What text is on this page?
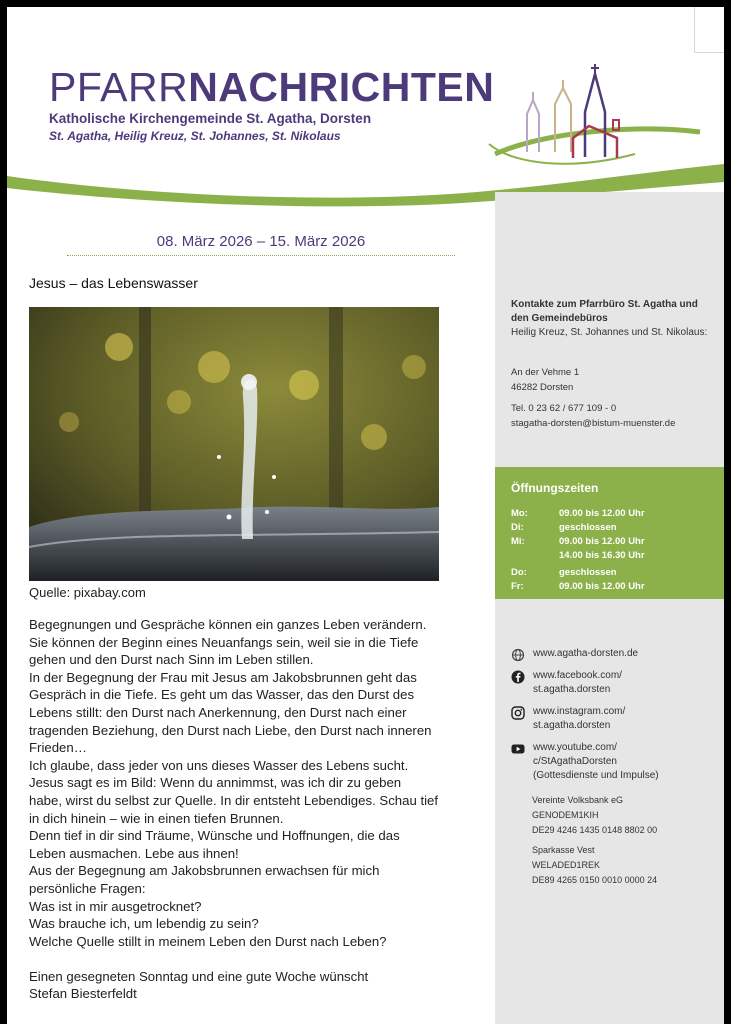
PFARRNACHRICHTEN
Katholische Kirchengemeinde St. Agatha, Dorsten
St. Agatha, Heilig Kreuz, St. Johannes, St. Nikolaus
08. März 2026 – 15. März 2026
Jesus – das Lebenswasser
Quelle: pixabay.com

Begegnungen und Gespräche können ein ganzes Leben verändern.

Sie können der Beginn eines Neuanfangs sein, weil sie in die Tiefe

gehen und den Durst nach Sinn im Leben stillen.

In der Begegnung der Frau mit Jesus am Jakobsbrunnen geht das

Gespräch in die Tiefe. Es geht um das Wasser, das den Durst des

Lebens stillt: den Durst nach Anerkennung, den Durst nach einer

tragenden Beziehung, den Durst nach Liebe, den Durst nach inneren

Frieden…

Ich glaube, dass jeder von uns dieses Wasser des Lebens sucht.

Jesus sagt es im Bild: Wenn du annimmst, was ich dir zu geben

habe, wirst du selbst zur Quelle. In dir entsteht Lebendiges. Schau tief

in dich hinein – wie in einen tiefen Brunnen.

Denn tief in dir sind Träume, Wünsche und Hoffnungen, die das

Leben ausmachen. Lebe aus ihnen!

Aus der Begegnung am Jakobsbrunnen erwachsen für mich

persönliche Fragen:

Was ist in mir ausgetrocknet?

Was brauche ich, um lebendig zu sein?

Welche Quelle stillt in meinem Leben den Durst nach Leben?

Einen gesegneten Sonntag und eine gute Woche wünscht

Stefan Biesterfeldt

Kontakte zum Pfarrbüro St. Agatha und den Gemeindebüros
Heilig Kreuz, St. Johannes und St. Nikolaus:
An der Vehme 1
46282 Dorsten
Tel. 0 23 62 / 677 109 - 0
stagatha-dorsten@bistum-muenster.de
Öffnungszeiten
Mo:	09.00 bis 12.00 Uhr
Di:	geschlossen
Mi:	09.00 bis 12.00 Uhr
14.00 bis 16.30 Uhr
Do:	geschlossen
Fr:	09.00 bis 12.00 Uhr
www.agatha-dorsten.de
www.facebook.com/
st.agatha.dorsten
www.instagram.com/
st.agatha.dorsten
www.youtube.com/
c/StAgathaDorsten
(Gottesdienste und Impulse)
Vereinte Volksbank eG
GENODEM1KIH
DE29 4246 1435 0148 8802 00
Sparkasse Vest
WELADED1REK
DE89 4265 0150 0010 0000 24
